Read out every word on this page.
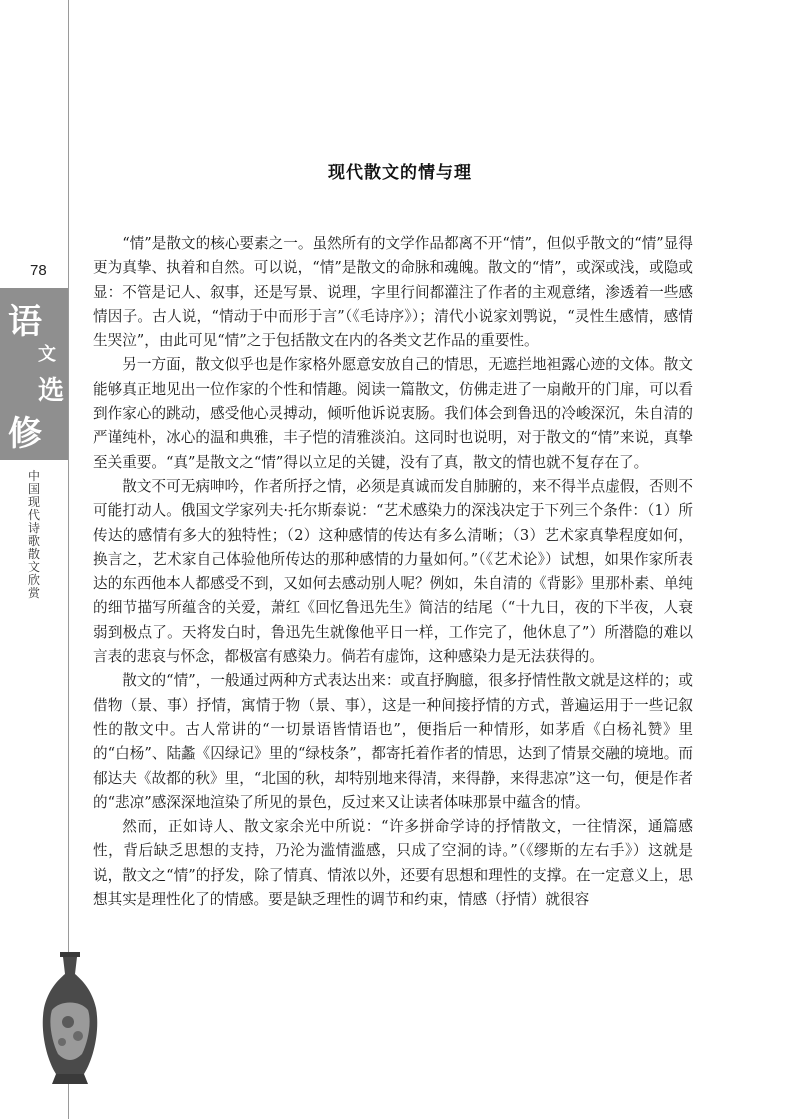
78
语
文
选
修
中国现代诗歌散文欣赏
现代散文的情与理

“情”是散文的核心要素之一。虽然所有的文学作品都离不开“情”，但似乎散文的“情”显得更为真挚、执着和自然。可以说，“情”是散文的命脉和魂魄。散文的“情”，或深或浅，或隐或显：不管是记人、叙事，还是写景、说理，字里行间都灌注了作者的主观意绪，渗透着一些感情因子。古人说，“情动于中而形于言”（《毛诗序》）；清代小说家刘鹗说，“灵性生感情，感情生哭泣”，由此可见“情”之于包括散文在内的各类文艺作品的重要性。

另一方面，散文似乎也是作家格外愿意安放自己的情思，无遮拦地袒露心迹的文体。散文能够真正地见出一位作家的个性和情趣。阅读一篇散文，仿佛走进了一扇敞开的门扉，可以看到作家心的跳动，感受他心灵搏动，倾听他诉说衷肠。我们体会到鲁迅的冷峻深沉，朱自清的严谨纯朴，冰心的温和典雅，丰子恺的清雅淡泊。这同时也说明，对于散文的“情”来说，真挚至关重要。“真”是散文之“情”得以立足的关键，没有了真，散文的情也就不复存在了。

散文不可无病呻吟，作者所抒之情，必须是真诚而发自肺腑的，来不得半点虚假，否则不可能打动人。俄国文学家列夫·托尔斯泰说：“艺术感染力的深浅决定于下列三个条件：（1）所传达的感情有多大的独特性；（2）这种感情的传达有多么清晰；（3）艺术家真挚程度如何，换言之，艺术家自己体验他所传达的那种感情的力量如何。”（《艺术论》）试想，如果作家所表达的东西他本人都感受不到，又如何去感动别人呢？例如，朱自清的《背影》里那朴素、单纯的细节描写所蕴含的关爱，萧红《回忆鲁迅先生》简洁的结尾（“十九日，夜的下半夜，人衰弱到极点了。天将发白时，鲁迅先生就像他平日一样，工作完了，他休息了”）所潜隐的难以言表的悲哀与怀念，都极富有感染力。倘若有虚饰，这种感染力是无法获得的。

散文的“情”，一般通过两种方式表达出来：或直抒胸臆，很多抒情性散文就是这样的；或借物（景、事）抒情，寓情于物（景、事），这是一种间接抒情的方式，普遍运用于一些记叙性的散文中。古人常讲的“一切景语皆情语也”，便指后一种情形，如茅盾《白杨礼赞》里的“白杨”、陆蠡《囚绿记》里的“绿枝条”，都寄托着作者的情思，达到了情景交融的境地。而郁达夫《故都的秋》里，“北国的秋，却特别地来得清，来得静，来得悲凉”这一句，便是作者的“悲凉”感深深地渲染了所见的景色，反过来又让读者体味那景中蕴含的情。

然而，正如诗人、散文家余光中所说：“许多拼命学诗的抒情散文，一往情深，通篇感性，背后缺乏思想的支持，乃沦为滥情滥感，只成了空洞的诗。”（《缪斯的左右手》）这就是说，散文之“情”的抒发，除了情真、情浓以外，还要有思想和理性的支撑。在一定意义上，思想其实是理性化了的情感。要是缺乏理性的调节和约束，情感（抒情）就很容
